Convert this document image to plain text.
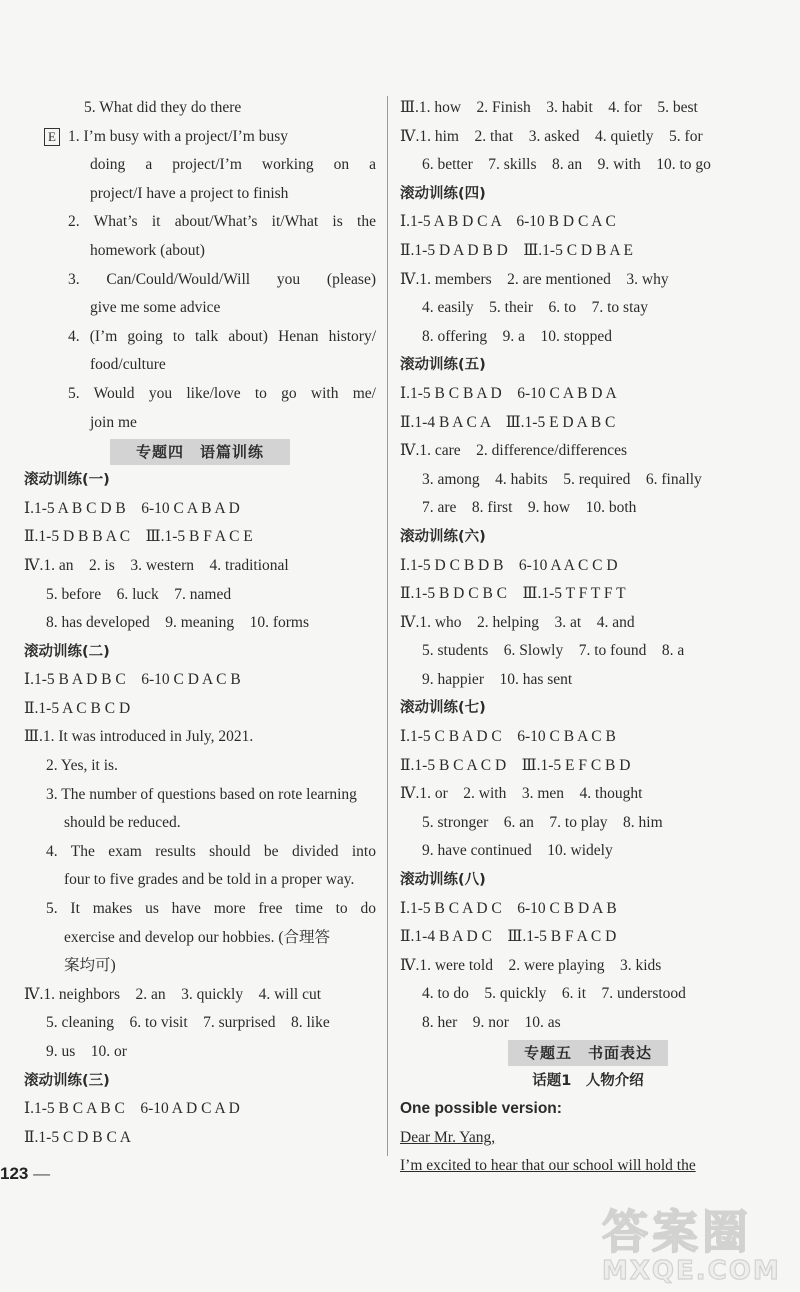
5. What did they do there
E 1. I’m busy with a project/I’m busy
doing a project/I’m working on a
project/I have a project to finish
2. What’s it about/What’s it/What is the
homework (about)
3. Can/Could/Would/Will you (please)
give me some advice
4. (I’m going to talk about) Henan history/
food/culture
5. Would you like/love to go with me/
join me
专题四　语篇训练
滚动训练(一)
Ⅰ.1-5 A B C D B　6-10 C A B A D
Ⅱ.1-5 D B B A C　Ⅲ.1-5 B F A C E
Ⅳ.1. an　2. is　3. western　4. traditional
5. before　6. luck　7. named
8. has developed　9. meaning　10. forms
滚动训练(二)
Ⅰ.1-5 B A D B C　6-10 C D A C B
Ⅱ.1-5 A C B C D
Ⅲ.1. It was introduced in July, 2021.
2. Yes, it is.
3. The number of questions based on rote learning
should be reduced.
4. The exam results should be divided into
four to five grades and be told in a proper way.
5. It makes us have more free time to do
exercise and develop our hobbies. (合理答
案均可)
Ⅳ.1. neighbors　2. an　3. quickly　4. will cut
5. cleaning　6. to visit　7. surprised　8. like
9. us　10. or
滚动训练(三)
Ⅰ.1-5 B C A B C　6-10 A D C A D
Ⅱ.1-5 C D B C A
Ⅲ.1. how　2. Finish　3. habit　4. for　5. best
Ⅳ.1. him　2. that　3. asked　4. quietly　5. for
6. better　7. skills　8. an　9. with　10. to go
滚动训练(四)
Ⅰ.1-5 A B D C A　6-10 B D C A C
Ⅱ.1-5 D A D B D　Ⅲ.1-5 C D B A E
Ⅳ.1. members　2. are mentioned　3. why
4. easily　5. their　6. to　7. to stay
8. offering　9. a　10. stopped
滚动训练(五)
Ⅰ.1-5 B C B A D　6-10 C A B D A
Ⅱ.1-4 B A C A　Ⅲ.1-5 E D A B C
Ⅳ.1. care　2. difference/differences
3. among　4. habits　5. required　6. finally
7. are　8. first　9. how　10. both
滚动训练(六)
Ⅰ.1-5 D C B D B　6-10 A A C C D
Ⅱ.1-5 B D C B C　Ⅲ.1-5 T F T F T
Ⅳ.1. who　2. helping　3. at　4. and
5. students　6. Slowly　7. to found　8. a
9. happier　10. has sent
滚动训练(七)
Ⅰ.1-5 C B A D C　6-10 C B A C B
Ⅱ.1-5 B C A C D　Ⅲ.1-5 E F C B D
Ⅳ.1. or　2. with　3. men　4. thought
5. stronger　6. an　7. to play　8. him
9. have continued　10. widely
滚动训练(八)
Ⅰ.1-5 B C A D C　6-10 C B D A B
Ⅱ.1-4 B A D C　Ⅲ.1-5 B F A C D
Ⅳ.1. were told　2. were playing　3. kids
4. to do　5. quickly　6. it　7. understood
8. her　9. nor　10. as
专题五　书面表达
话题1　人物介绍
One possible version:
Dear Mr. Yang,
I’m excited to hear that our school will hold the
123 —
答案圈
MXQE.COM
